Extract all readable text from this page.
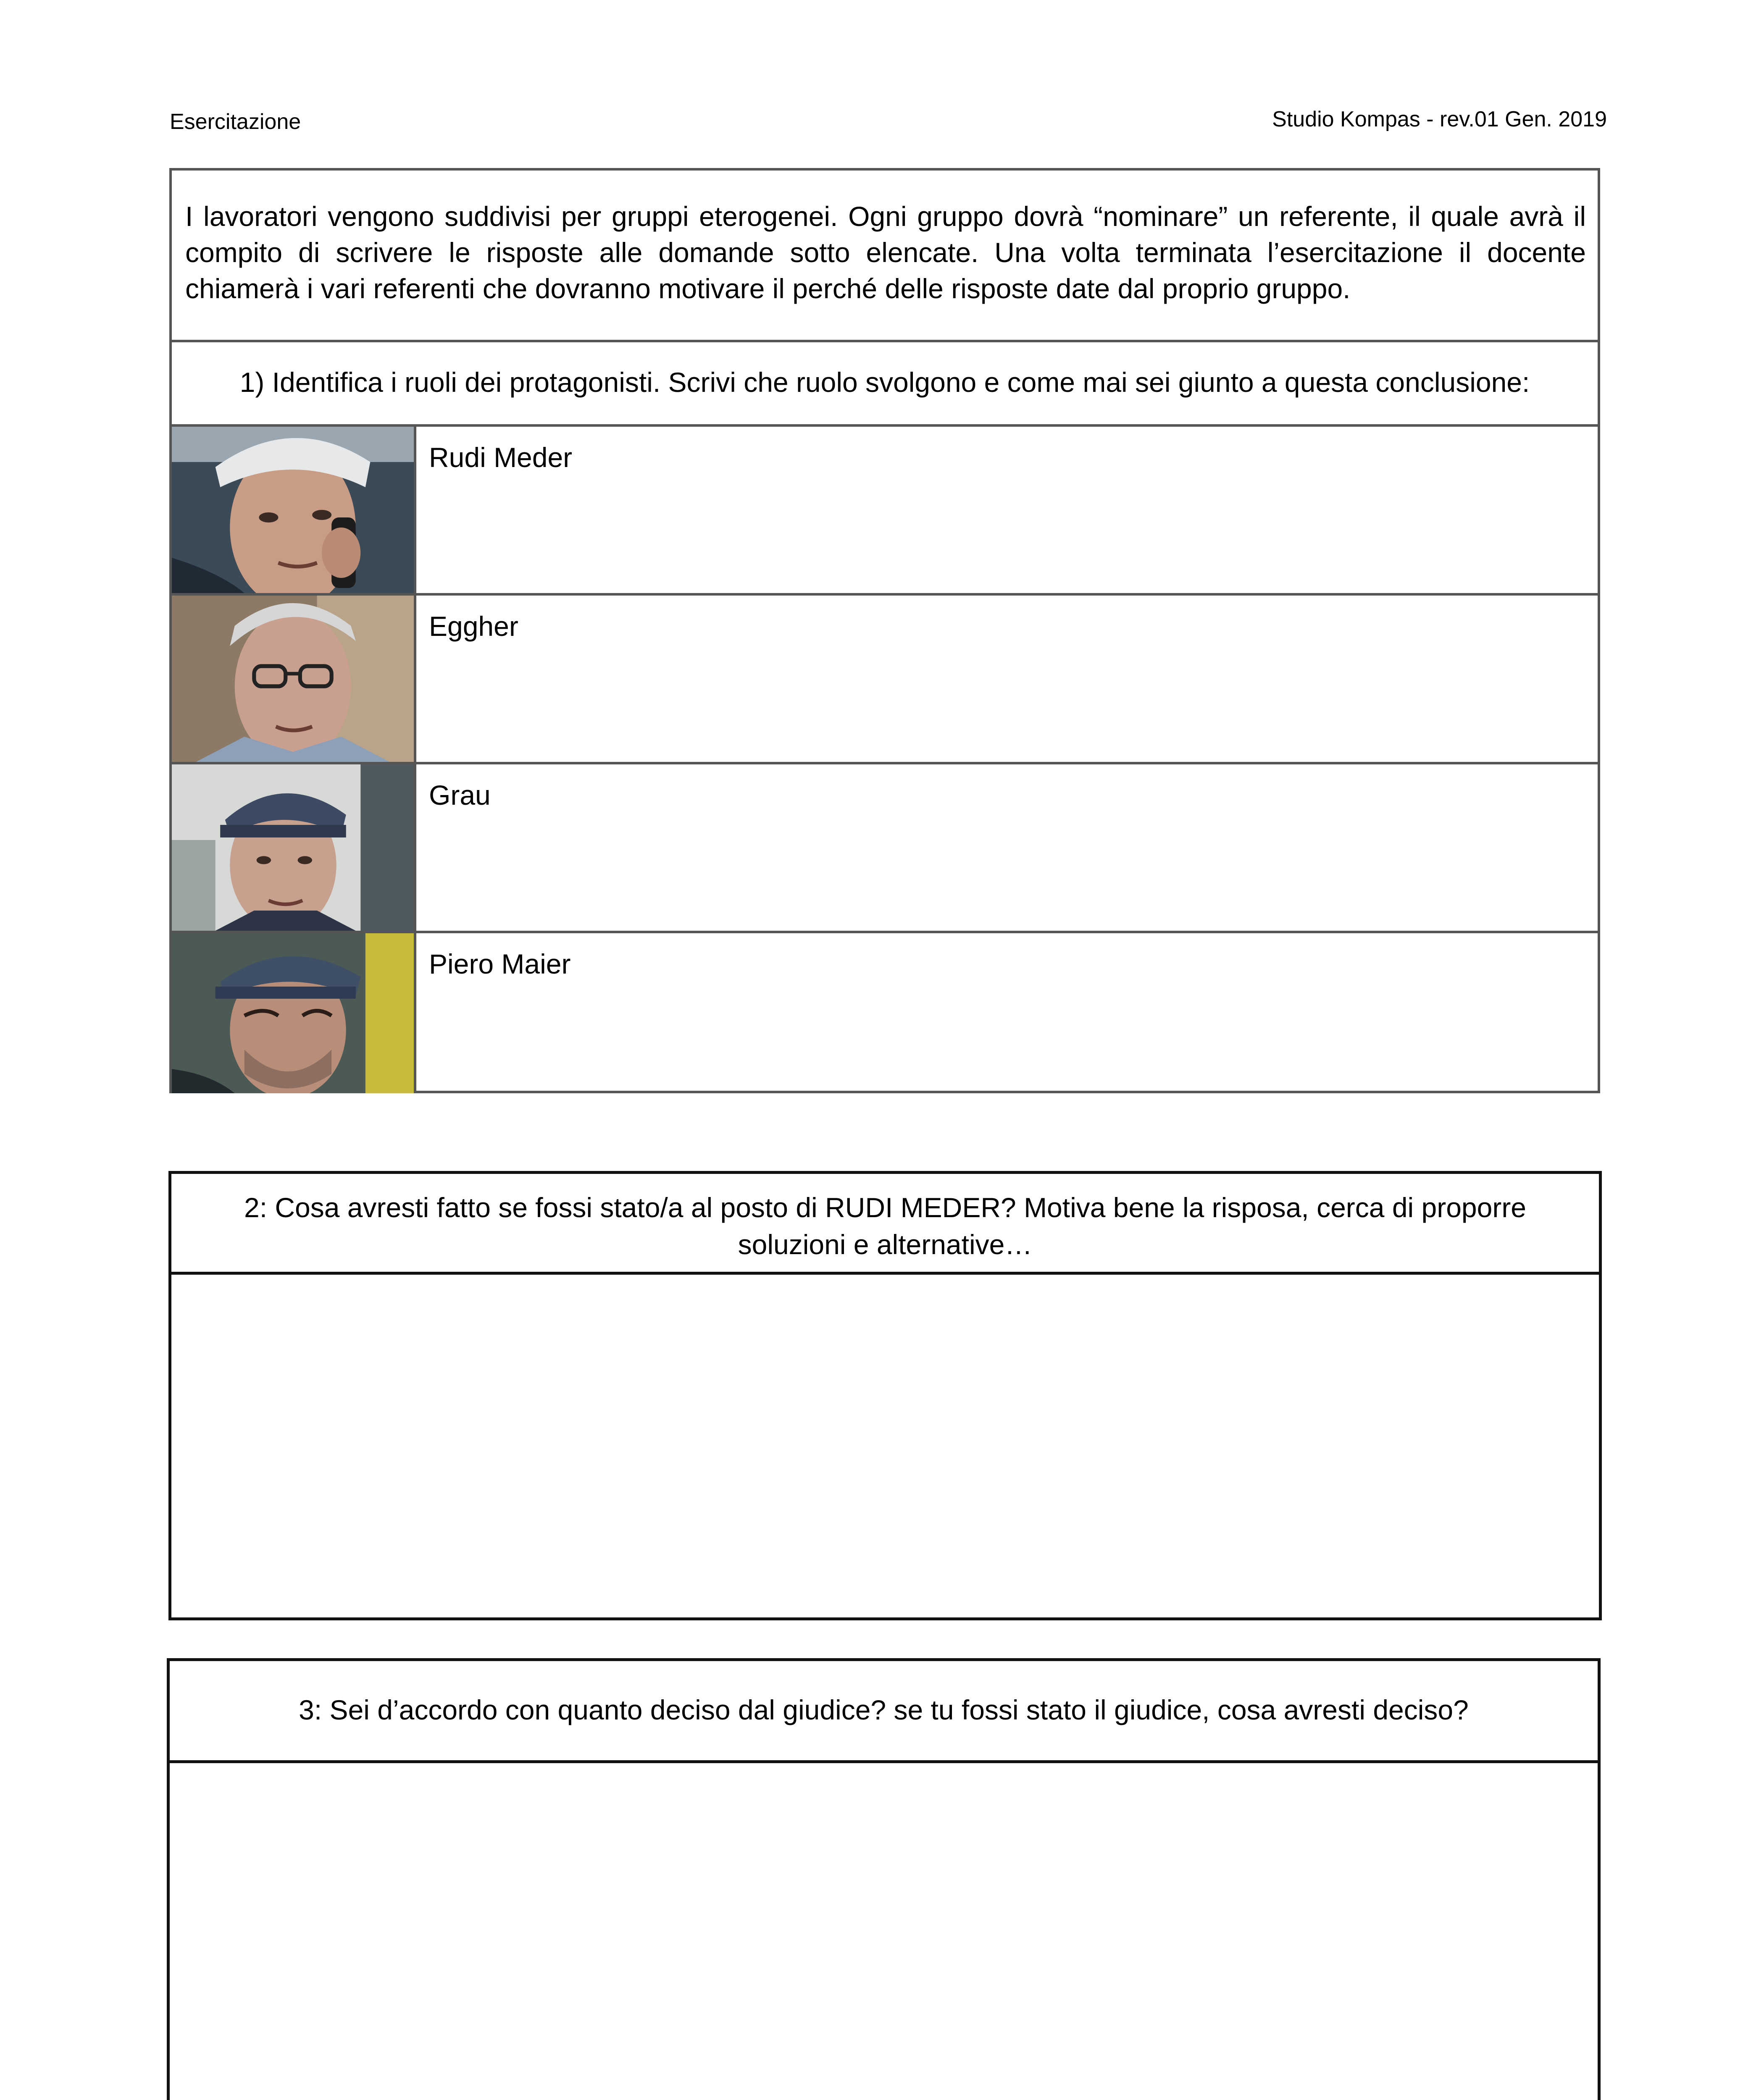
Esercitazione	Studio Kompas - rev.01 Gen. 2019
I lavoratori vengono suddivisi per gruppi eterogenei. Ogni gruppo dovrà “nominare” un referente, il quale avrà il compito di scrivere le risposte alle domande sotto elencate. Una volta terminata l’esercitazione il docente chiamerà i vari referenti che dovranno motivare il perché delle risposte date dal proprio gruppo.
1) Identifica i ruoli dei protagonisti. Scrivi che ruolo svolgono e come mai sei giunto a questa conclusione:
Rudi Meder
Eggher
Grau
Piero Maier
2: Cosa avresti fatto se fossi stato/a al posto di RUDI MEDER? Motiva bene la risposa, cerca di proporre soluzioni e alternative…
3: Sei d’accordo con quanto deciso dal giudice? se tu fossi stato il giudice, cosa avresti deciso?
